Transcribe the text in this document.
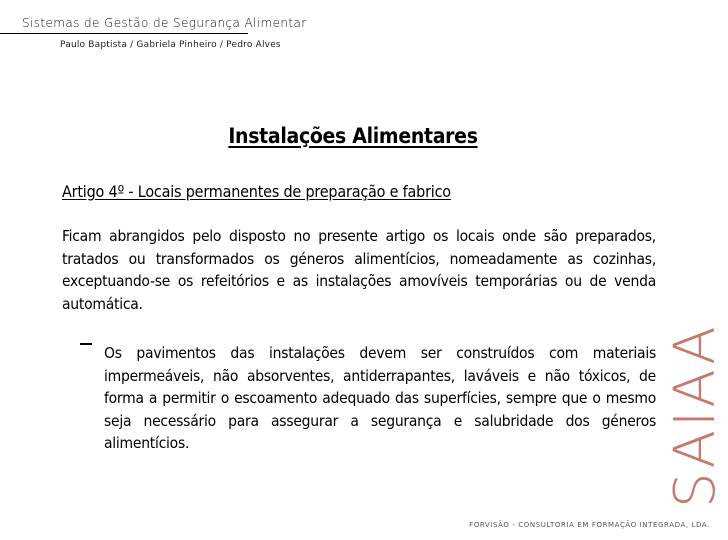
Sistemas de Gestão de Segurança Alimentar
Paulo Baptista / Gabriela Pinheiro / Pedro Alves
Instalações Alimentares
Artigo 4º - Locais permanentes de preparação e fabrico
Ficam abrangidos pelo disposto no presente artigo os locais onde são preparados, tratados ou transformados os géneros alimentícios, nomeadamente as cozinhas, exceptuando-se os refeitórios e as instalações amovíveis temporárias ou de venda automática.
Os pavimentos das instalações devem ser construídos com materiais impermeáveis, não absorventes, antiderrapantes, laváveis e não tóxicos, de forma a permitir o escoamento adequado das superfícies, sempre que o mesmo seja necessário para assegurar a segurança e salubridade dos géneros alimentícios.	SAIAA
FORVISÃO - CONSULTORIA EM FORMAÇÃO INTEGRADA, LDA.
